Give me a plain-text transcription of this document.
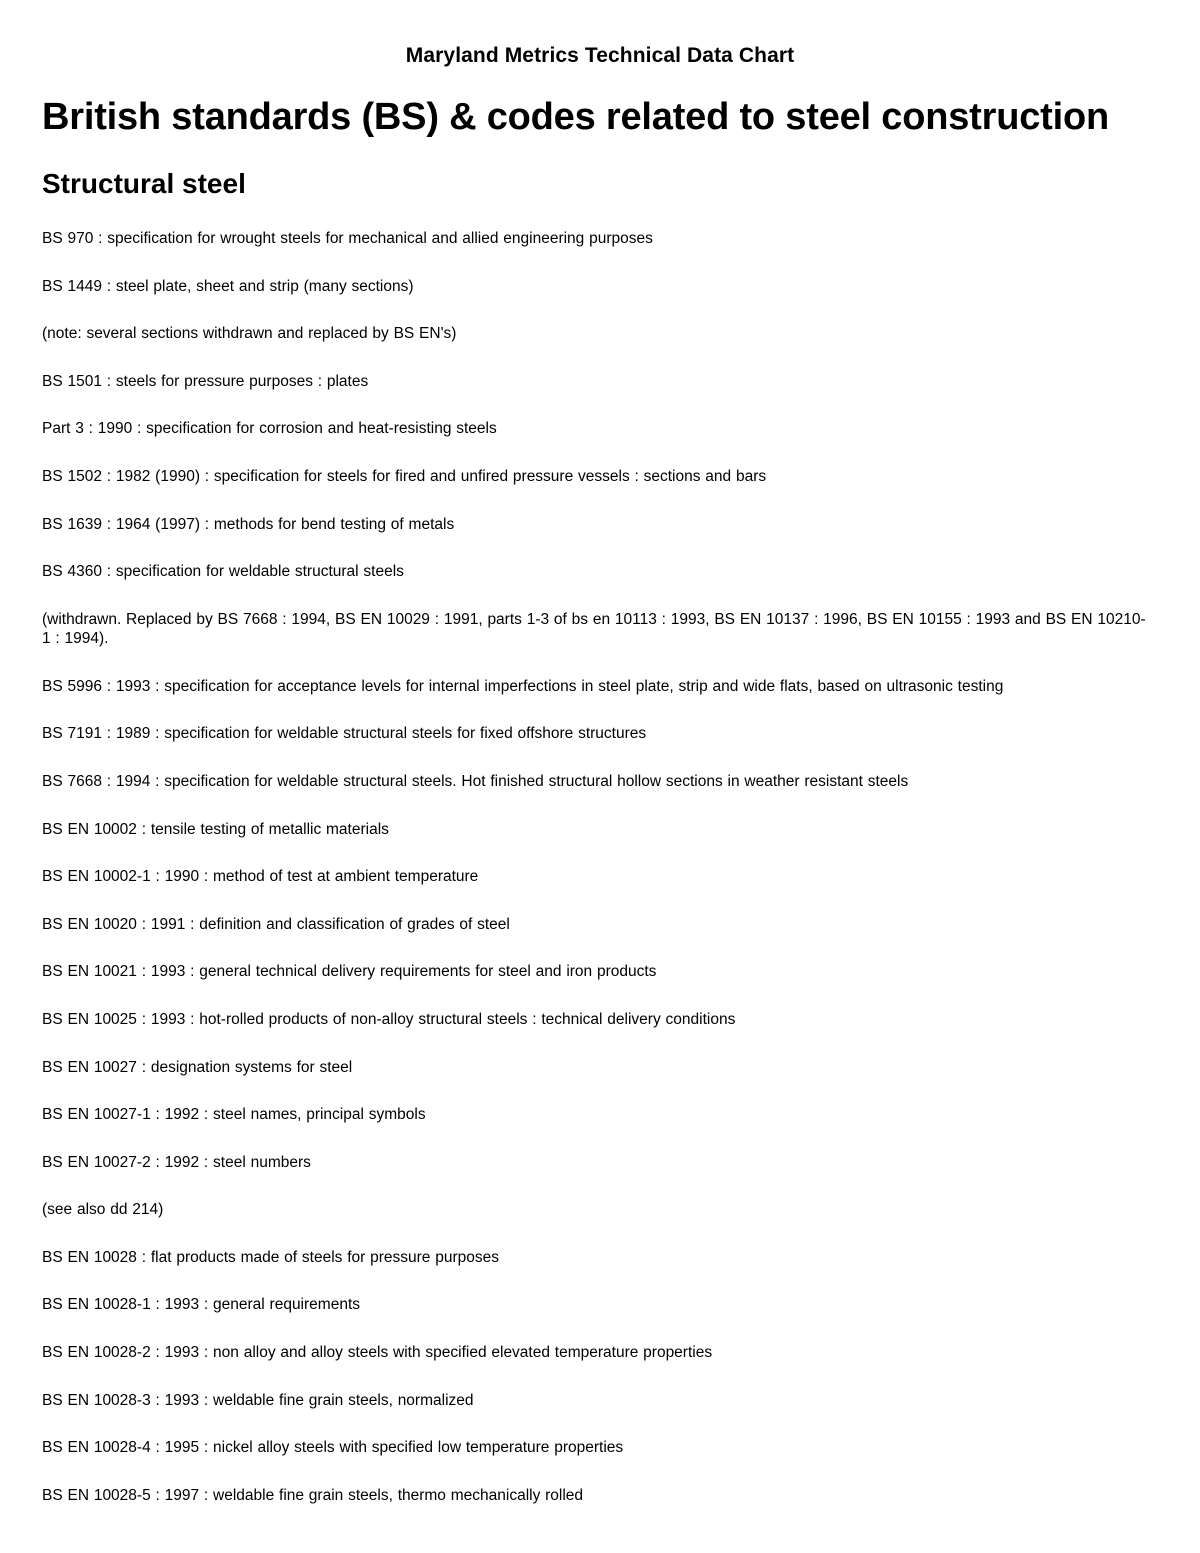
Maryland Metrics Technical Data Chart
British standards (BS) & codes related to steel construction
Structural steel
BS 970 : specification for wrought steels for mechanical and allied engineering purposes
BS 1449 : steel plate, sheet and strip (many sections)
(note: several sections withdrawn and replaced by BS EN's)
BS 1501 : steels for pressure purposes : plates
Part 3 : 1990 : specification for corrosion and heat-resisting steels
BS 1502 : 1982 (1990) : specification for steels for fired and unfired pressure vessels : sections and bars
BS 1639 : 1964 (1997) : methods for bend testing of metals
BS 4360 : specification for weldable structural steels
(withdrawn. Replaced by BS 7668 : 1994, BS EN 10029 : 1991, parts 1-3 of bs en 10113 : 1993, BS EN 10137 : 1996, BS EN 10155 : 1993 and BS EN 10210-1 : 1994).
BS 5996 : 1993 : specification for acceptance levels for internal imperfections in steel plate, strip and wide flats, based on ultrasonic testing
BS 7191 : 1989 : specification for weldable structural steels for fixed offshore structures
BS 7668 : 1994 : specification for weldable structural steels. Hot finished structural hollow sections in weather resistant steels
BS EN 10002 : tensile testing of metallic materials
BS EN 10002-1 : 1990 : method of test at ambient temperature
BS EN 10020 : 1991 : definition and classification of grades of steel
BS EN 10021 : 1993 : general technical delivery requirements for steel and iron products
BS EN 10025 : 1993 : hot-rolled products of non-alloy structural steels : technical delivery conditions
BS EN 10027 : designation systems for steel
BS EN 10027-1 : 1992 : steel names, principal symbols
BS EN 10027-2 : 1992 : steel numbers
(see also dd 214)
BS EN 10028 : flat products made of steels for pressure purposes
BS EN 10028-1 : 1993 : general requirements
BS EN 10028-2 : 1993 : non alloy and alloy steels with specified elevated temperature properties
BS EN 10028-3 : 1993 : weldable fine grain steels, normalized
BS EN 10028-4 : 1995 : nickel alloy steels with specified low temperature properties
BS EN 10028-5 : 1997 : weldable fine grain steels, thermo mechanically rolled
